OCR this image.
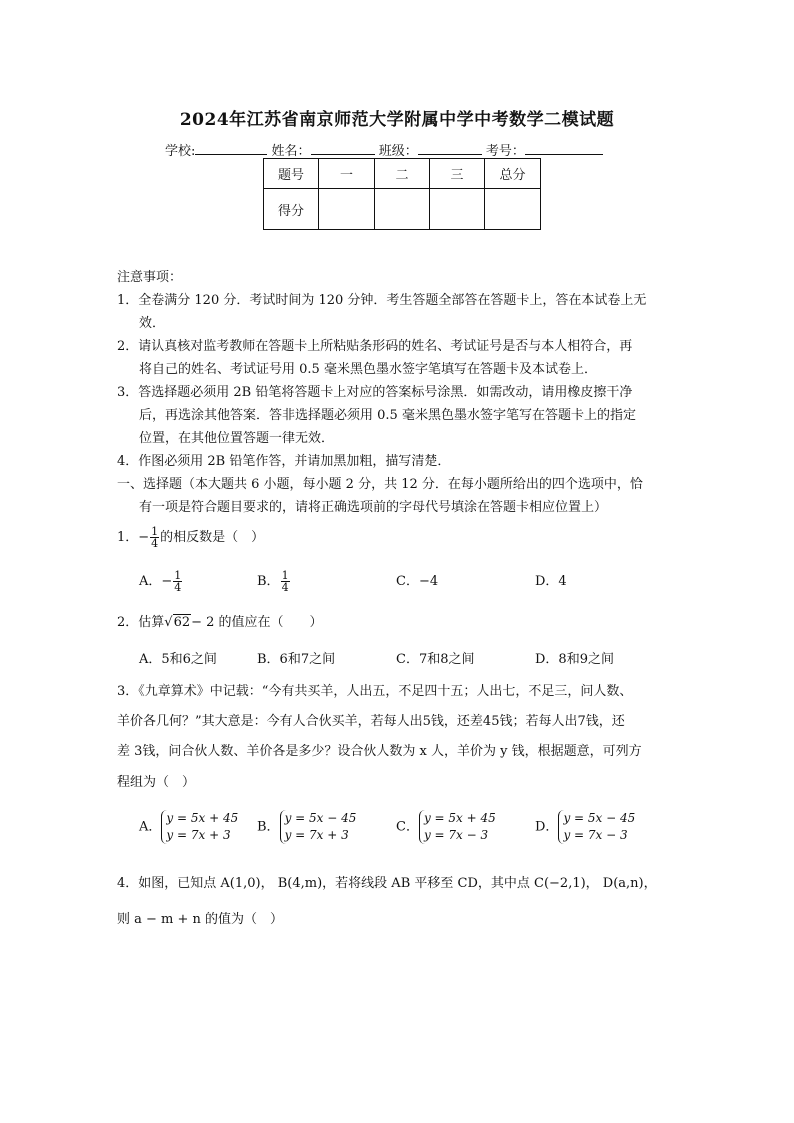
2024年江苏省南京师范大学附属中学中考数学二模试题
学校:	姓名：	班级：	考号：
题号	一	二	三	总分
得分				
注意事项：
1．全卷满分 120 分．考试时间为 120 分钟．考生答题全部答在答题卡上，答在本试卷上无
效．
2．请认真核对监考教师在答题卡上所粘贴条形码的姓名、考试证号是否与本人相符合，再
将自己的姓名、考试证号用 0.5 毫米黑色墨水签字笔填写在答题卡及本试卷上．
3．答选择题必须用 2B 铅笔将答题卡上对应的答案标号涂黑．如需改动，请用橡皮擦干净
后，再选涂其他答案．答非选择题必须用 0.5 毫米黑色墨水签字笔写在答题卡上的指定
位置，在其他位置答题一律无效．
4．作图必须用 2B 铅笔作答，并请加黑加粗，描写清楚．
一、选择题（本大题共 6 小题，每小题 2 分，共 12 分．在每小题所给出的四个选项中，恰
有一项是符合题目要求的，请将正确选项前的字母代号填涂在答题卡相应位置上）
1．− $\frac{1}{4}$ 的相反数是（　）
A．− $\frac{1}{4}$	B． $\frac{1}{4}$	C．−4	D．4
2．估算√62− 2 的值应在（　　）
A．5和6之间	B．6和7之间	C．7和8之间	D．8和9之间
3．《九章算术》中记载：“今有共买羊，人出五，不足四十五；人出七，不足三，问人数、
羊价各几何？”其大意是：今有人合伙买羊，若每人出5钱，还差45钱；若每人出7钱，还
差 3钱，问合伙人数、羊价各是多少？设合伙人数为 x 人，羊价为 y 钱，根据题意，可列方
程组为（　）
A．
y = 5x + 45
y = 7x + 3
B．
y = 5x − 45
y = 7x + 3
C．
y = 5x + 45
y = 7x − 3
D．
y = 5x − 45
y = 7x − 3
4．如图，已知点 A(1,0)， B(4,m)，若将线段 AB 平移至 CD，其中点 C(−2,1)， D(a,n)，
则 a − m + n 的值为（　）
